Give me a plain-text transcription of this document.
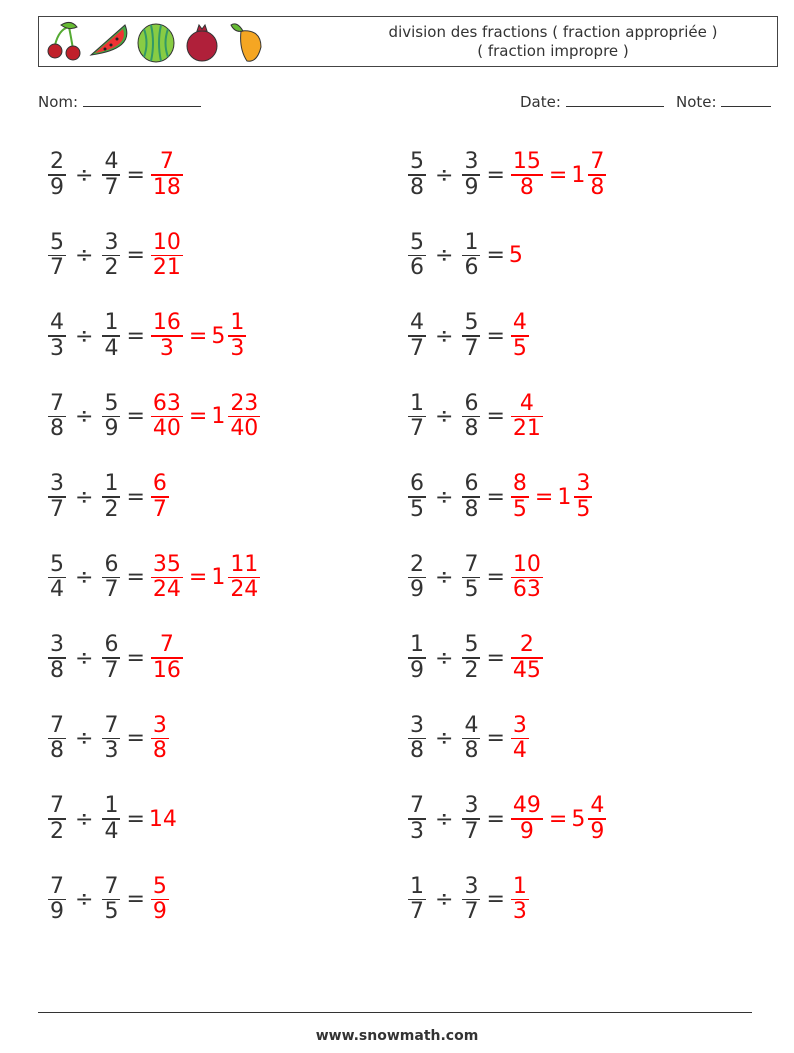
division des fractions ( fraction appropriée )
( fraction impropre )
Nom:	Date:	Note:
$\frac{2}{9} \div \frac{4}{7} = \frac{7}{18}$	$\frac{5}{8} \div \frac{3}{9} = \frac{15}{8} = 1 \frac{7}{8}$
$\frac{5}{7} \div \frac{3}{2} = \frac{10}{21}$	$\frac{5}{6} \div \frac{1}{6} = 5$
$\frac{4}{3} \div \frac{1}{4} = \frac{16}{3} = 5 \frac{1}{3}$	$\frac{4}{7} \div \frac{5}{7} = \frac{4}{5}$
$\frac{7}{8} \div \frac{5}{9} = \frac{63}{40} = 1 \frac{23}{40}$	$\frac{1}{7} \div \frac{6}{8} = \frac{4}{21}$
$\frac{3}{7} \div \frac{1}{2} = \frac{6}{7}$	$\frac{6}{5} \div \frac{6}{8} = \frac{8}{5} = 1 \frac{3}{5}$
$\frac{5}{4} \div \frac{6}{7} = \frac{35}{24} = 1 \frac{11}{24}$	$\frac{2}{9} \div \frac{7}{5} = \frac{10}{63}$
$\frac{3}{8} \div \frac{6}{7} = \frac{7}{16}$	$\frac{1}{9} \div \frac{5}{2} = \frac{2}{45}$
$\frac{7}{8} \div \frac{7}{3} = \frac{3}{8}$	$\frac{3}{8} \div \frac{4}{8} = \frac{3}{4}$
$\frac{7}{2} \div \frac{1}{4} = 14$	$\frac{7}{3} \div \frac{3}{7} = \frac{49}{9} = 5 \frac{4}{9}$
$\frac{7}{9} \div \frac{7}{5} = \frac{5}{9}$	$\frac{1}{7} \div \frac{3}{7} = \frac{1}{3}$
www.snowmath.com
